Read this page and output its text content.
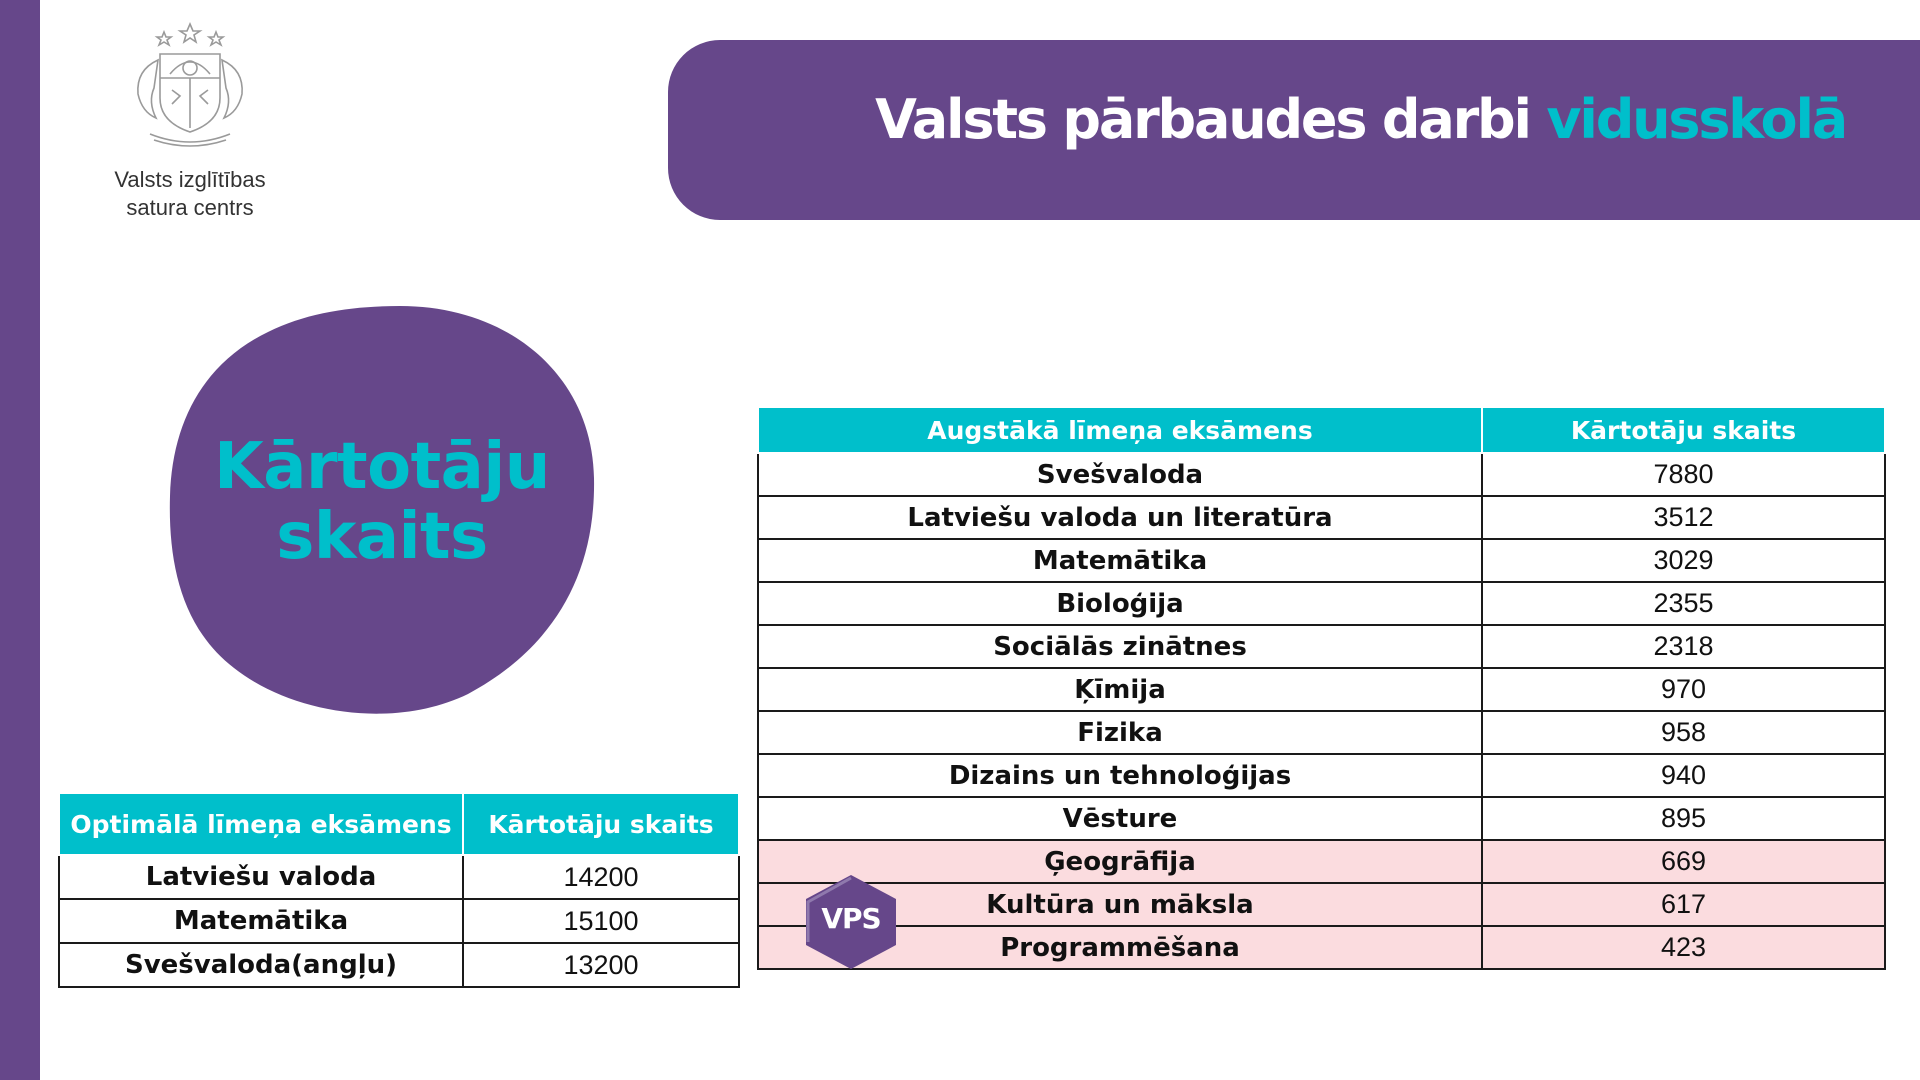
Valsts izglītības
satura centrs
Valsts pārbaudes darbi vidusskolā
Kārtotāju
skaits
Optimālā līmeņa eksāmens	Kārtotāju skaits
Latviešu valoda	14200
Matemātika	15100
Svešvaloda(angļu)	13200
Augstākā līmeņa eksāmens	Kārtotāju skaits
Svešvaloda	7880
Latviešu valoda un literatūra	3512
Matemātika	3029
Bioloģija	2355
Sociālās zinātnes	2318
Ķīmija	970
Fizika	958
Dizains un tehnoloģijas	940
Vēsture	895
Ģeogrāfija	669
Kultūra un māksla	617
Programmēšana	423
VPS
